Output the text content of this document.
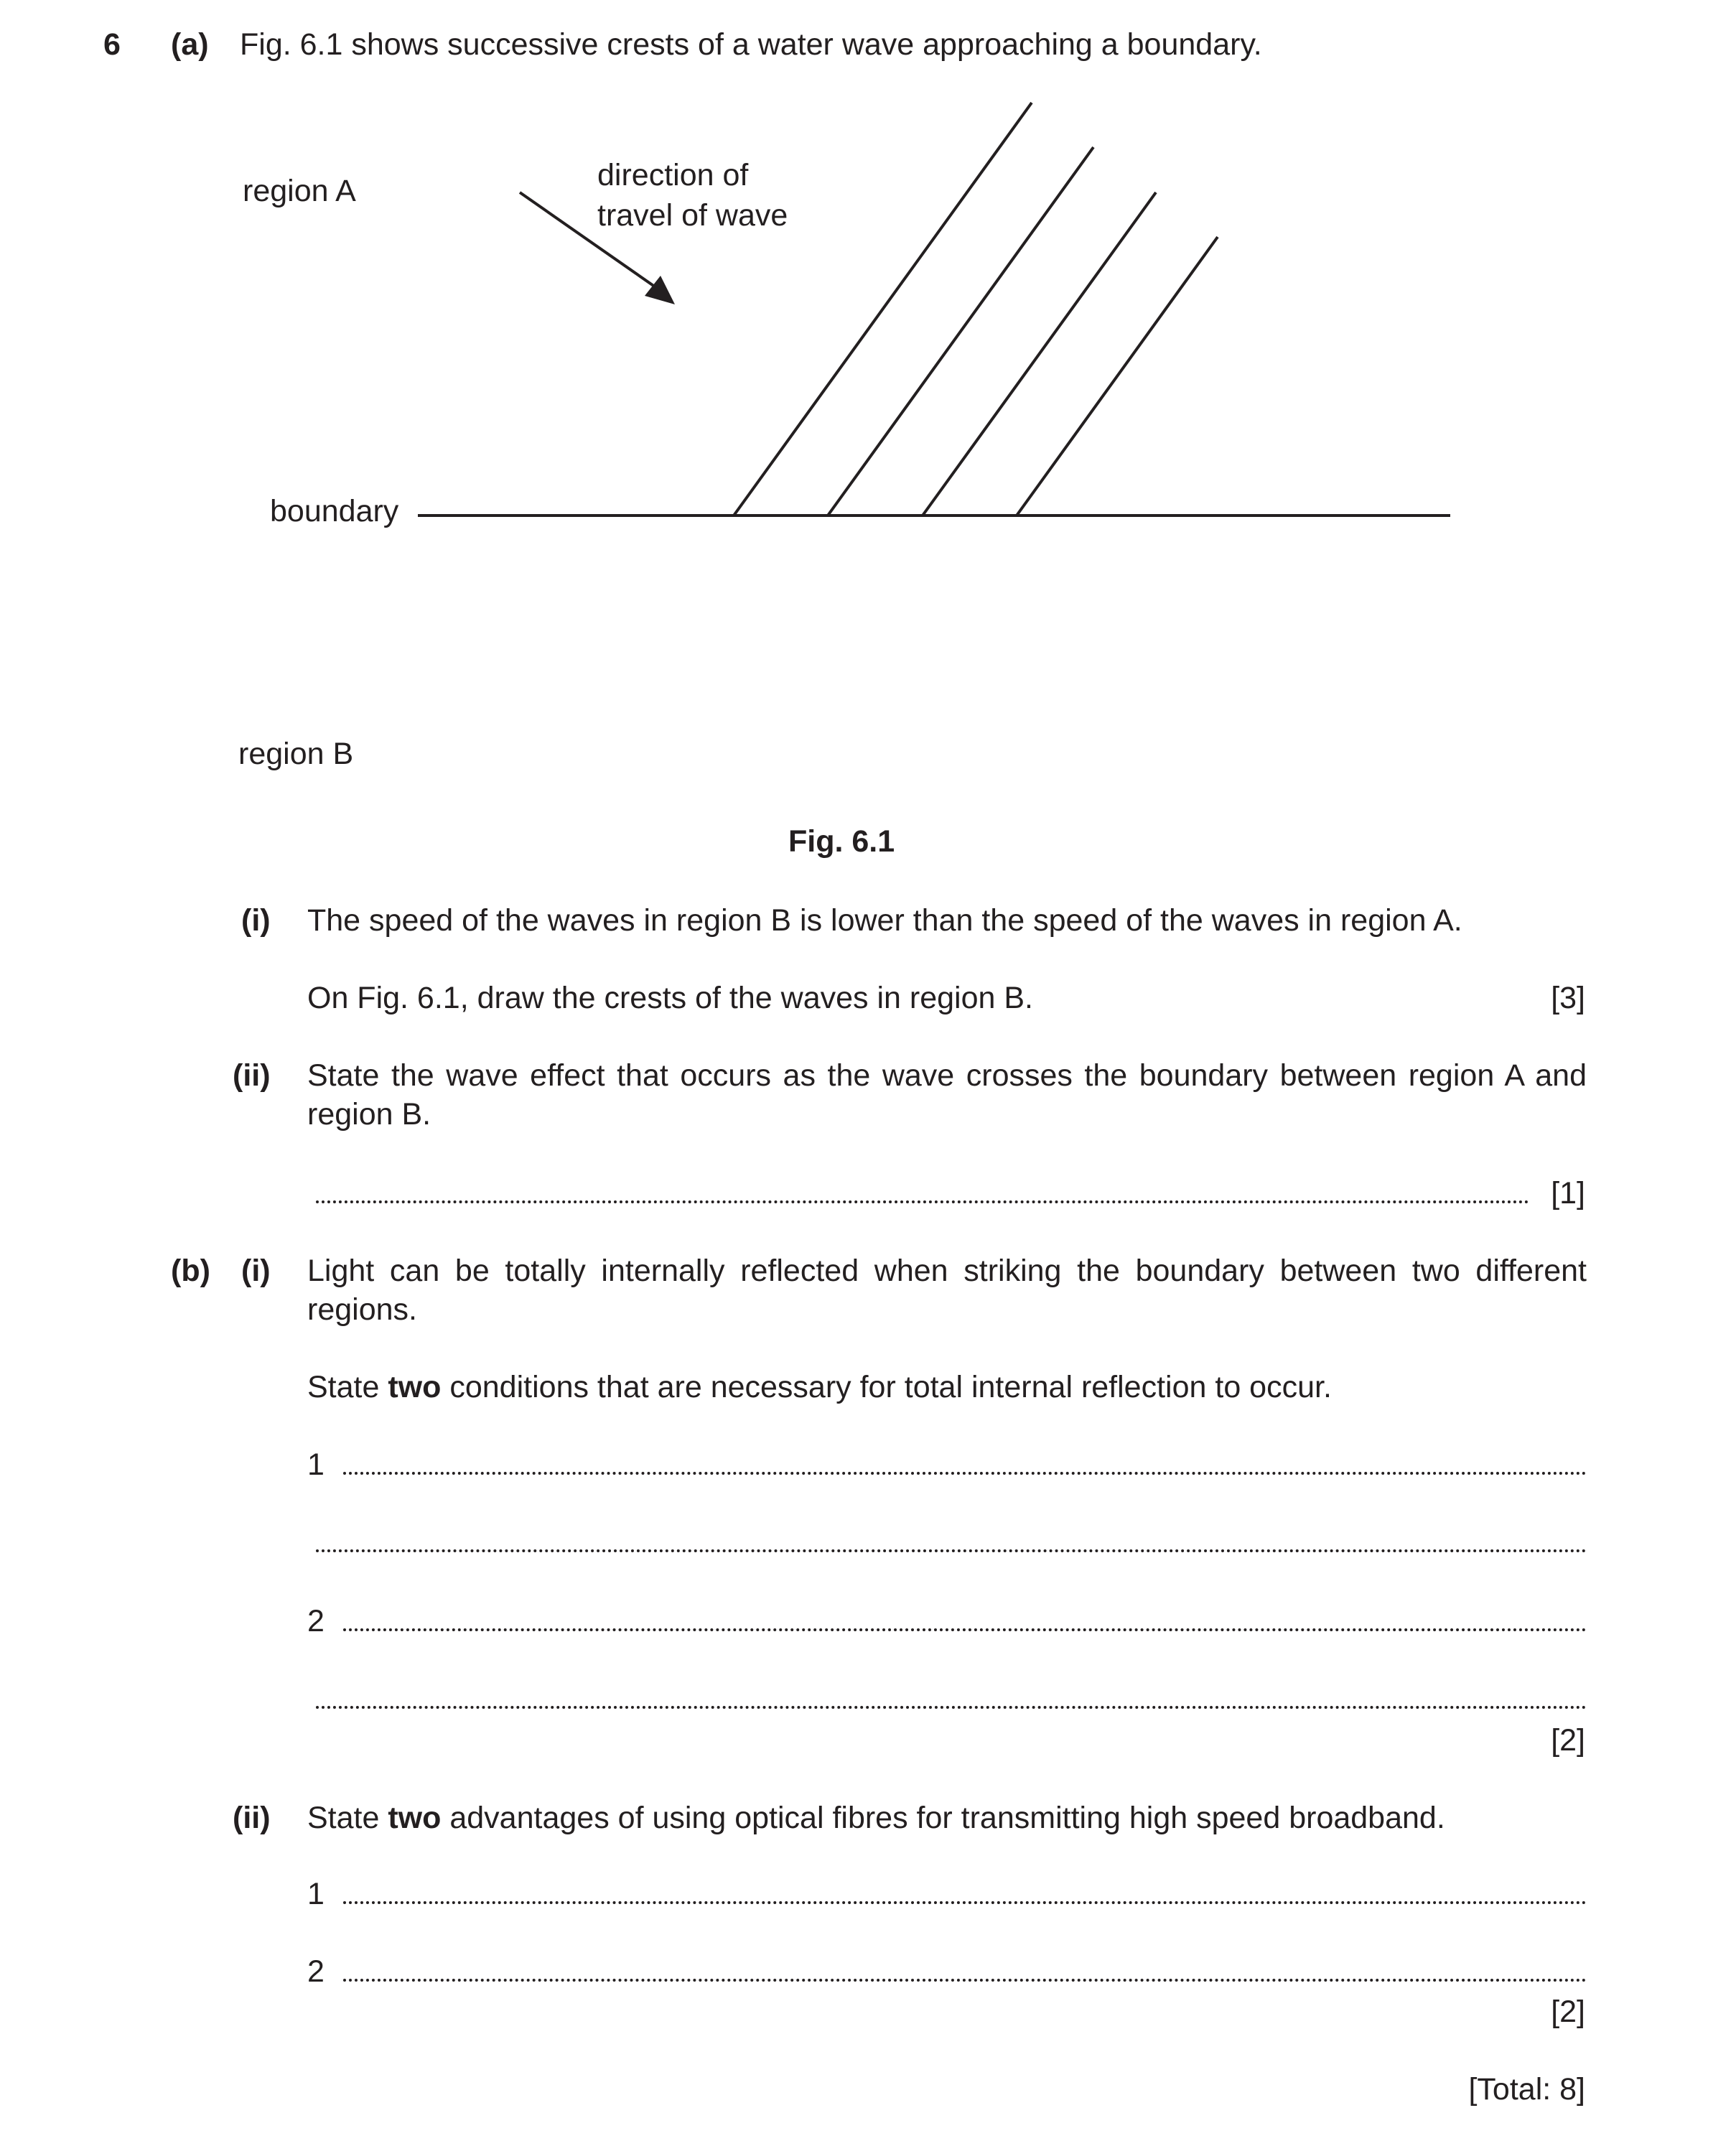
6 (a) Fig. 6.1 shows successive crests of a water wave approaching a boundary.
region A	direction of
travel of wave
boundary
region B
Fig. 6.1
(i) The speed of the waves in region B is lower than the speed of the waves in region A.
On Fig. 6.1, draw the crests of the waves in region B.	[3]
(ii) State the wave effect that occurs as the wave crosses the boundary between region A and region B.
[1]
(b) (i) Light can be totally internally reflected when striking the boundary between two different regions.
State two conditions that are necessary for total internal reflection to occur.
1
2
[2]
(ii) State two advantages of using optical fibres for transmitting high speed broadband.
1
2
[2]
[Total: 8]
